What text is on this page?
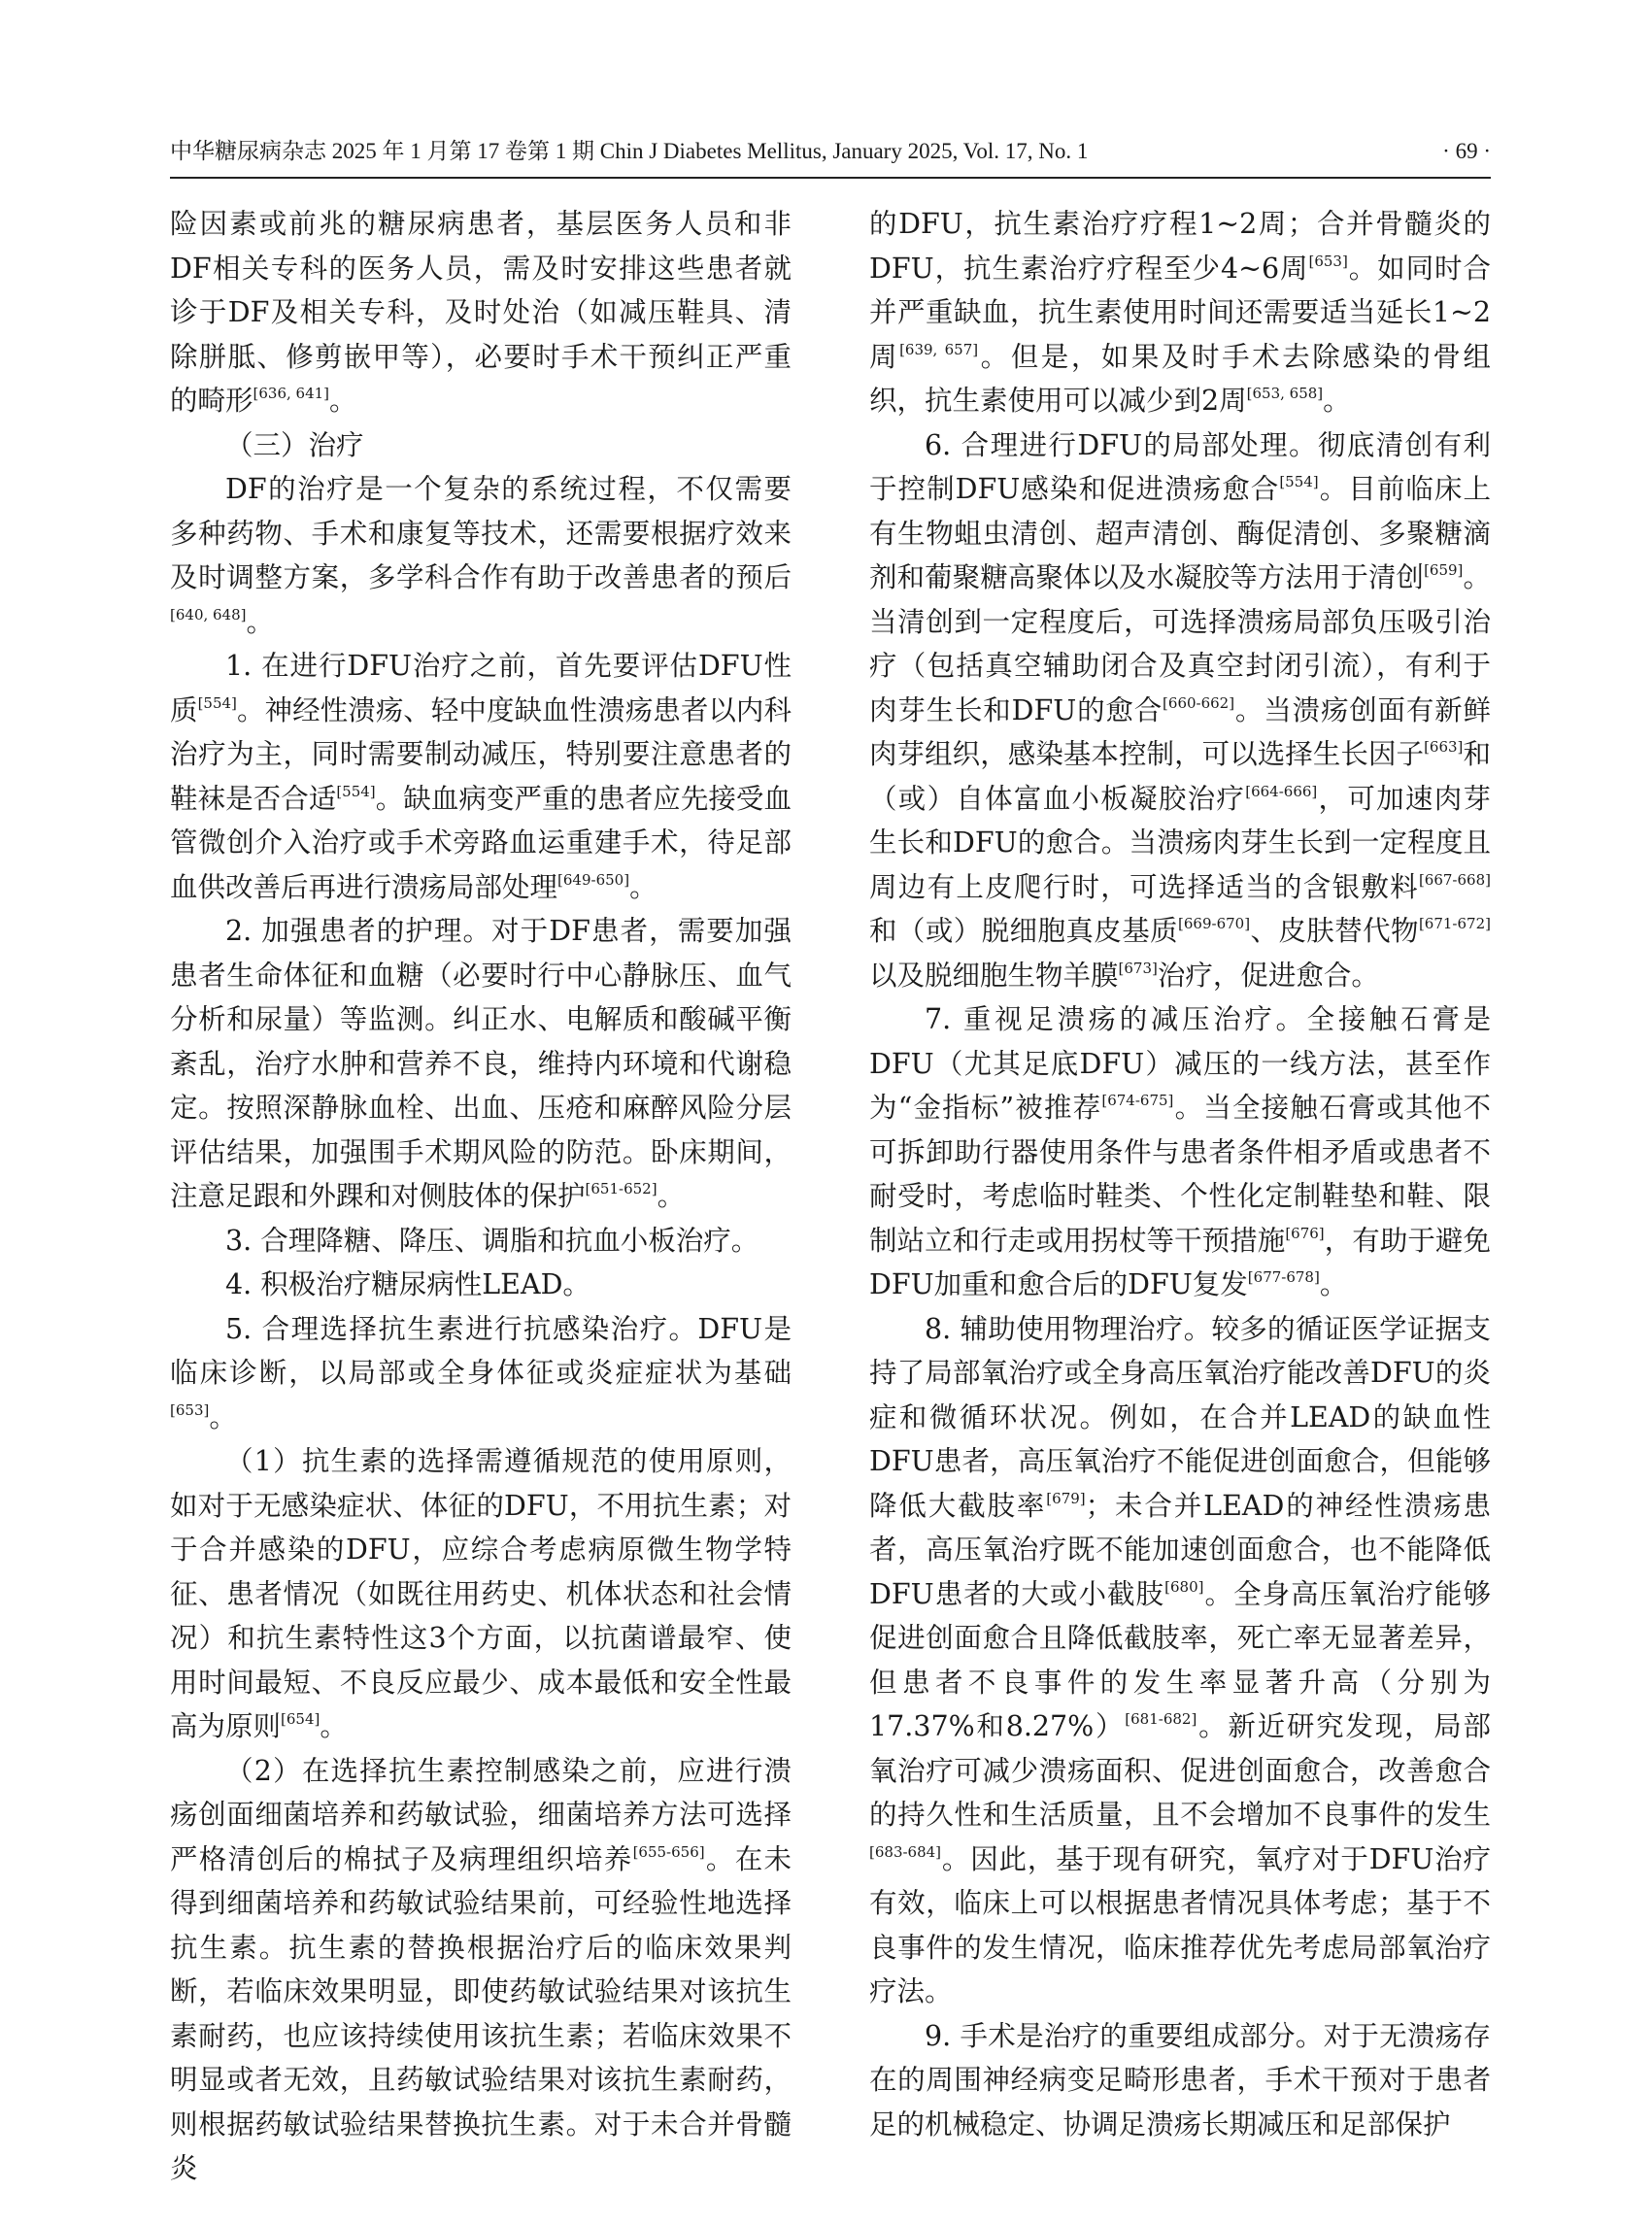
中华糖尿病杂志 2025 年 1 月第 17 卷第 1 期 Chin J Diabetes Mellitus, January 2025, Vol. 17, No. 1	· 69 ·

险因素或前兆的糖尿病患者，基层医务人员和非DF相关专科的医务人员，需及时安排这些患者就诊于DF及相关专科，及时处治（如减压鞋具、清除胼胝、修剪嵌甲等），必要时手术干预纠正严重的畸形[636, 641]。

（三）治疗

DF的治疗是一个复杂的系统过程，不仅需要多种药物、手术和康复等技术，还需要根据疗效来及时调整方案，多学科合作有助于改善患者的预后[640, 648]。

1. 在进行DFU治疗之前，首先要评估DFU性质[554]。神经性溃疡、轻中度缺血性溃疡患者以内科治疗为主，同时需要制动减压，特别要注意患者的鞋袜是否合适[554]。缺血病变严重的患者应先接受血管微创介入治疗或手术旁路血运重建手术，待足部血供改善后再进行溃疡局部处理[649-650]。

2. 加强患者的护理。对于DF患者，需要加强患者生命体征和血糖（必要时行中心静脉压、血气分析和尿量）等监测。纠正水、电解质和酸碱平衡紊乱，治疗水肿和营养不良，维持内环境和代谢稳定。按照深静脉血栓、出血、压疮和麻醉风险分层评估结果，加强围手术期风险的防范。卧床期间，注意足跟和外踝和对侧肢体的保护[651-652]。

3. 合理降糖、降压、调脂和抗血小板治疗。

4. 积极治疗糖尿病性LEAD。

5. 合理选择抗生素进行抗感染治疗。DFU是临床诊断，以局部或全身体征或炎症症状为基础[653]。

（1）抗生素的选择需遵循规范的使用原则，如对于无感染症状、体征的DFU，不用抗生素；对于合并感染的DFU，应综合考虑病原微生物学特征、患者情况（如既往用药史、机体状态和社会情况）和抗生素特性这3个方面，以抗菌谱最窄、使用时间最短、不良反应最少、成本最低和安全性最高为原则[654]。

（2）在选择抗生素控制感染之前，应进行溃疡创面细菌培养和药敏试验，细菌培养方法可选择严格清创后的棉拭子及病理组织培养[655-656]。在未得到细菌培养和药敏试验结果前，可经验性地选择抗生素。抗生素的替换根据治疗后的临床效果判断，若临床效果明显，即使药敏试验结果对该抗生素耐药，也应该持续使用该抗生素；若临床效果不明显或者无效，且药敏试验结果对该抗生素耐药，则根据药敏试验结果替换抗生素。对于未合并骨髓炎

的DFU，抗生素治疗疗程1~2周；合并骨髓炎的DFU，抗生素治疗疗程至少4~6周[653]。如同时合并严重缺血，抗生素使用时间还需要适当延长1~2周[639, 657]。但是，如果及时手术去除感染的骨组织，抗生素使用可以减少到2周[653, 658]。

6. 合理进行DFU的局部处理。彻底清创有利于控制DFU感染和促进溃疡愈合[554]。目前临床上有生物蛆虫清创、超声清创、酶促清创、多聚糖滴剂和葡聚糖高聚体以及水凝胶等方法用于清创[659]。当清创到一定程度后，可选择溃疡局部负压吸引治疗（包括真空辅助闭合及真空封闭引流），有利于肉芽生长和DFU的愈合[660-662]。当溃疡创面有新鲜肉芽组织，感染基本控制，可以选择生长因子[663]和（或）自体富血小板凝胶治疗[664-666]，可加速肉芽生长和DFU的愈合。当溃疡肉芽生长到一定程度且周边有上皮爬行时，可选择适当的含银敷料[667-668]和（或）脱细胞真皮基质[669-670]、皮肤替代物[671-672]以及脱细胞生物羊膜[673]治疗，促进愈合。

7. 重视足溃疡的减压治疗。全接触石膏是DFU（尤其足底DFU）减压的一线方法，甚至作为“金指标”被推荐[674-675]。当全接触石膏或其他不可拆卸助行器使用条件与患者条件相矛盾或患者不耐受时，考虑临时鞋类、个性化定制鞋垫和鞋、限制站立和行走或用拐杖等干预措施[676]，有助于避免DFU加重和愈合后的DFU复发[677-678]。

8. 辅助使用物理治疗。较多的循证医学证据支持了局部氧治疗或全身高压氧治疗能改善DFU的炎症和微循环状况。例如，在合并LEAD的缺血性DFU患者，高压氧治疗不能促进创面愈合，但能够降低大截肢率[679]；未合并LEAD的神经性溃疡患者，高压氧治疗既不能加速创面愈合，也不能降低DFU患者的大或小截肢[680]。全身高压氧治疗能够促进创面愈合且降低截肢率，死亡率无显著差异，但患者不良事件的发生率显著升高（分别为17.37%和8.27%）[681-682]。新近研究发现，局部氧治疗可减少溃疡面积、促进创面愈合，改善愈合的持久性和生活质量，且不会增加不良事件的发生[683-684]。因此，基于现有研究，氧疗对于DFU治疗有效，临床上可以根据患者情况具体考虑；基于不良事件的发生情况，临床推荐优先考虑局部氧治疗疗法。

9. 手术是治疗的重要组成部分。对于无溃疡存在的周围神经病变足畸形患者，手术干预对于患者足的机械稳定、协调足溃疡长期减压和足部保护
